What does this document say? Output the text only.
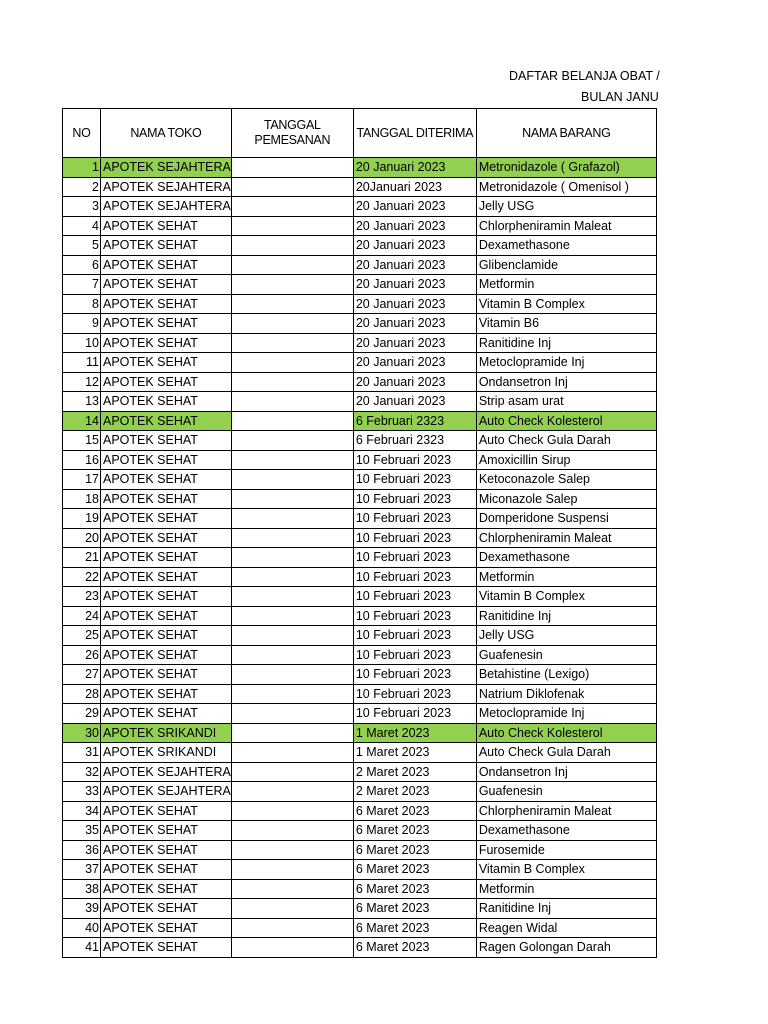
DAFTAR BELANJA OBAT /
BULAN JANU
NO	NAMA TOKO	TANGGAL PEMESANAN	TANGGAL DITERIMA	NAMA BARANG
1	APOTEK SEJAHTERA		20 Januari 2023	Metronidazole ( Grafazol)
2	APOTEK SEJAHTERA		20Januari 2023	Metronidazole ( Omenisol )
3	APOTEK SEJAHTERA		20 Januari 2023	Jelly USG
4	APOTEK SEHAT		20 Januari 2023	Chlorpheniramin Maleat
5	APOTEK SEHAT		20 Januari 2023	Dexamethasone
6	APOTEK SEHAT		20 Januari 2023	Glibenclamide
7	APOTEK SEHAT		20 Januari 2023	Metformin
8	APOTEK SEHAT		20 Januari 2023	Vitamin B Complex
9	APOTEK SEHAT		20 Januari 2023	Vitamin B6
10	APOTEK SEHAT		20 Januari 2023	Ranitidine Inj
11	APOTEK SEHAT		20 Januari 2023	Metoclopramide Inj
12	APOTEK SEHAT		20 Januari 2023	Ondansetron Inj
13	APOTEK SEHAT		20 Januari 2023	Strip asam urat
14	APOTEK SEHAT		6 Februari 2323	Auto Check Kolesterol
15	APOTEK SEHAT		6 Februari 2323	Auto Check Gula Darah
16	APOTEK SEHAT		10 Februari 2023	Amoxicillin Sirup
17	APOTEK SEHAT		10 Februari 2023	Ketoconazole Salep
18	APOTEK SEHAT		10 Februari 2023	Miconazole Salep
19	APOTEK SEHAT		10 Februari 2023	Domperidone Suspensi
20	APOTEK SEHAT		10 Februari 2023	Chlorpheniramin Maleat
21	APOTEK SEHAT		10 Februari 2023	Dexamethasone
22	APOTEK SEHAT		10 Februari 2023	Metformin
23	APOTEK SEHAT		10 Februari 2023	Vitamin B Complex
24	APOTEK SEHAT		10 Februari 2023	Ranitidine Inj
25	APOTEK SEHAT		10 Februari 2023	Jelly USG
26	APOTEK SEHAT		10 Februari 2023	Guafenesin
27	APOTEK SEHAT		10 Februari 2023	Betahistine (Lexigo)
28	APOTEK SEHAT		10 Februari 2023	Natrium Diklofenak
29	APOTEK SEHAT		10 Februari 2023	Metoclopramide Inj
30	APOTEK SRIKANDI		1 Maret 2023	Auto Check Kolesterol
31	APOTEK SRIKANDI		1 Maret 2023	Auto Check Gula Darah
32	APOTEK SEJAHTERA		2 Maret 2023	Ondansetron Inj
33	APOTEK SEJAHTERA		2 Maret 2023	Guafenesin
34	APOTEK SEHAT		6 Maret 2023	Chlorpheniramin Maleat
35	APOTEK SEHAT		6 Maret 2023	Dexamethasone
36	APOTEK SEHAT		6 Maret 2023	Furosemide
37	APOTEK SEHAT		6 Maret 2023	Vitamin B Complex
38	APOTEK SEHAT		6 Maret 2023	Metformin
39	APOTEK SEHAT		6 Maret 2023	Ranitidine Inj
40	APOTEK SEHAT		6 Maret 2023	Reagen Widal
41	APOTEK SEHAT		6 Maret 2023	Ragen Golongan Darah
